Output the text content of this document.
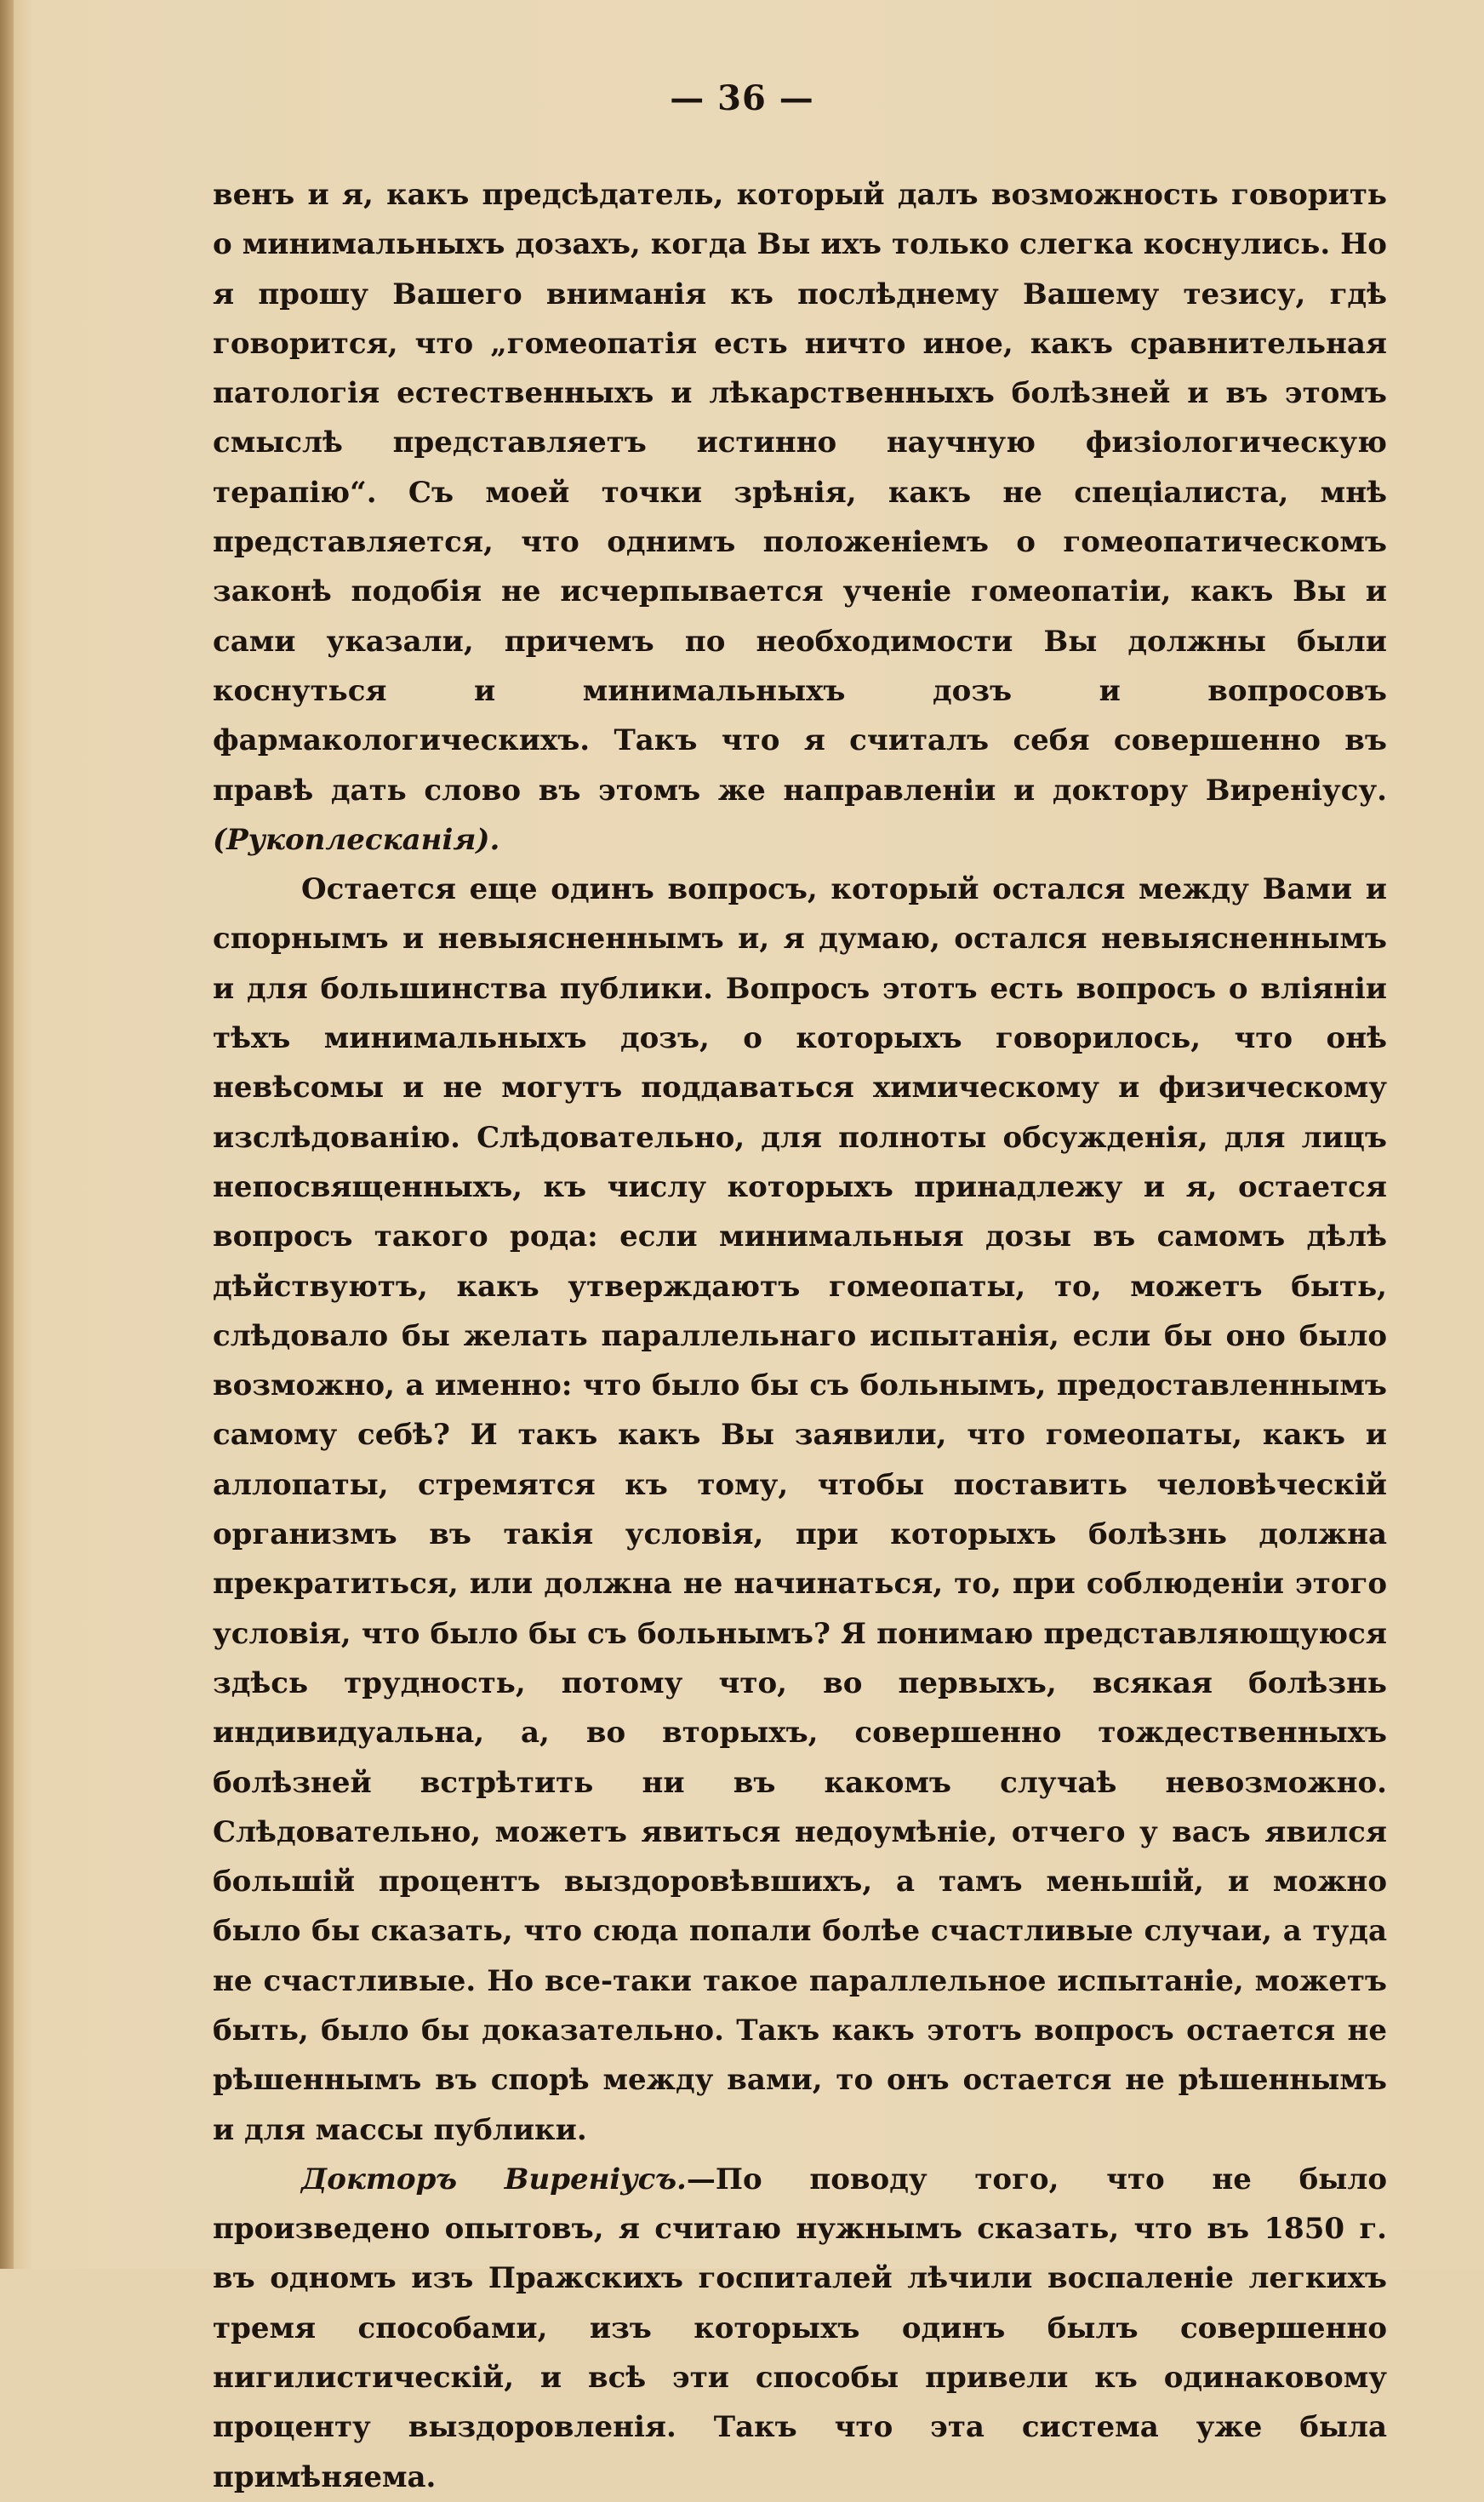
— 36 —

венъ и я, какъ предсѣдатель, который далъ возможность говорить о минимальныхъ дозахъ, когда Вы ихъ только слегка коснулись. Но я прошу Вашего вниманія къ послѣднему Вашему тезису, гдѣ говорится, что „гомеопатія есть ничто иное, какъ сравнительная патологія естественныхъ и лѣкарственныхъ болѣзней и въ этомъ смыслѣ представляетъ истинно научную физіологическую терапію“. Съ моей точки зрѣнія, какъ не спеціалиста, мнѣ представляется, что однимъ положеніемъ о гомеопатическомъ законѣ подобія не исчерпывается ученіе гомеопатіи, какъ Вы и сами указали, причемъ по необходимости Вы должны были коснуться и минимальныхъ дозъ и вопросовъ фармакологическихъ. Такъ что я считалъ себя совершенно въ правѣ дать слово въ этомъ же направленіи и доктору Виреніусу. (Рукоплесканія).

Остается еще одинъ вопросъ, который остался между Вами и спорнымъ и невыясненнымъ и, я думаю, остался невыясненнымъ и для большинства публики. Вопросъ этотъ есть вопросъ о вліяніи тѣхъ минимальныхъ дозъ, о которыхъ говорилось, что онѣ невѣсомы и не могутъ поддаваться химическому и физическому изслѣдованію. Слѣдовательно, для полноты обсужденія, для лицъ непосвященныхъ, къ числу которыхъ принадлежу и я, остается вопросъ такого рода: если минимальныя дозы въ самомъ дѣлѣ дѣйствуютъ, какъ утверждаютъ гомеопаты, то, можетъ быть, слѣдовало бы желать параллельнаго испытанія, если бы оно было возможно, а именно: что было бы съ больнымъ, предоставленнымъ самому себѣ? И такъ какъ Вы заявили, что гомеопаты, какъ и аллопаты, стремятся къ тому, чтобы поставить человѣческій организмъ въ такія условія, при которыхъ болѣзнь должна прекратиться, или должна не начинаться, то, при соблюденіи этого условія, что было бы съ больнымъ? Я понимаю представляющуюся здѣсь трудность, потому что, во первыхъ, всякая болѣзнь индивидуальна, а, во вторыхъ, совершенно тождественныхъ болѣзней встрѣтить ни въ какомъ случаѣ невозможно. Слѣдовательно, можетъ явиться недоумѣніе, отчего у васъ явился большій процентъ выздоровѣвшихъ, а тамъ меньшій, и можно было бы сказать, что сюда попали болѣе счастливые случаи, а туда не счастливые. Но все-таки такое параллельное испытаніе, можетъ быть, было бы доказательно. Такъ какъ этотъ вопросъ остается не рѣшеннымъ въ спорѣ между вами, то онъ остается не рѣшеннымъ и для массы публики.

Докторъ Виреніусъ.—По поводу того, что не было произведено опытовъ, я считаю нужнымъ сказать, что въ 1850 г. въ одномъ изъ Пражскихъ госпиталей лѣчили воспаленіе легкихъ тремя способами, изъ которыхъ одинъ былъ совершенно нигилистическій, и всѣ эти способы привели къ одинаковому проценту выздоровленія. Такъ что эта система уже была примѣняема.
